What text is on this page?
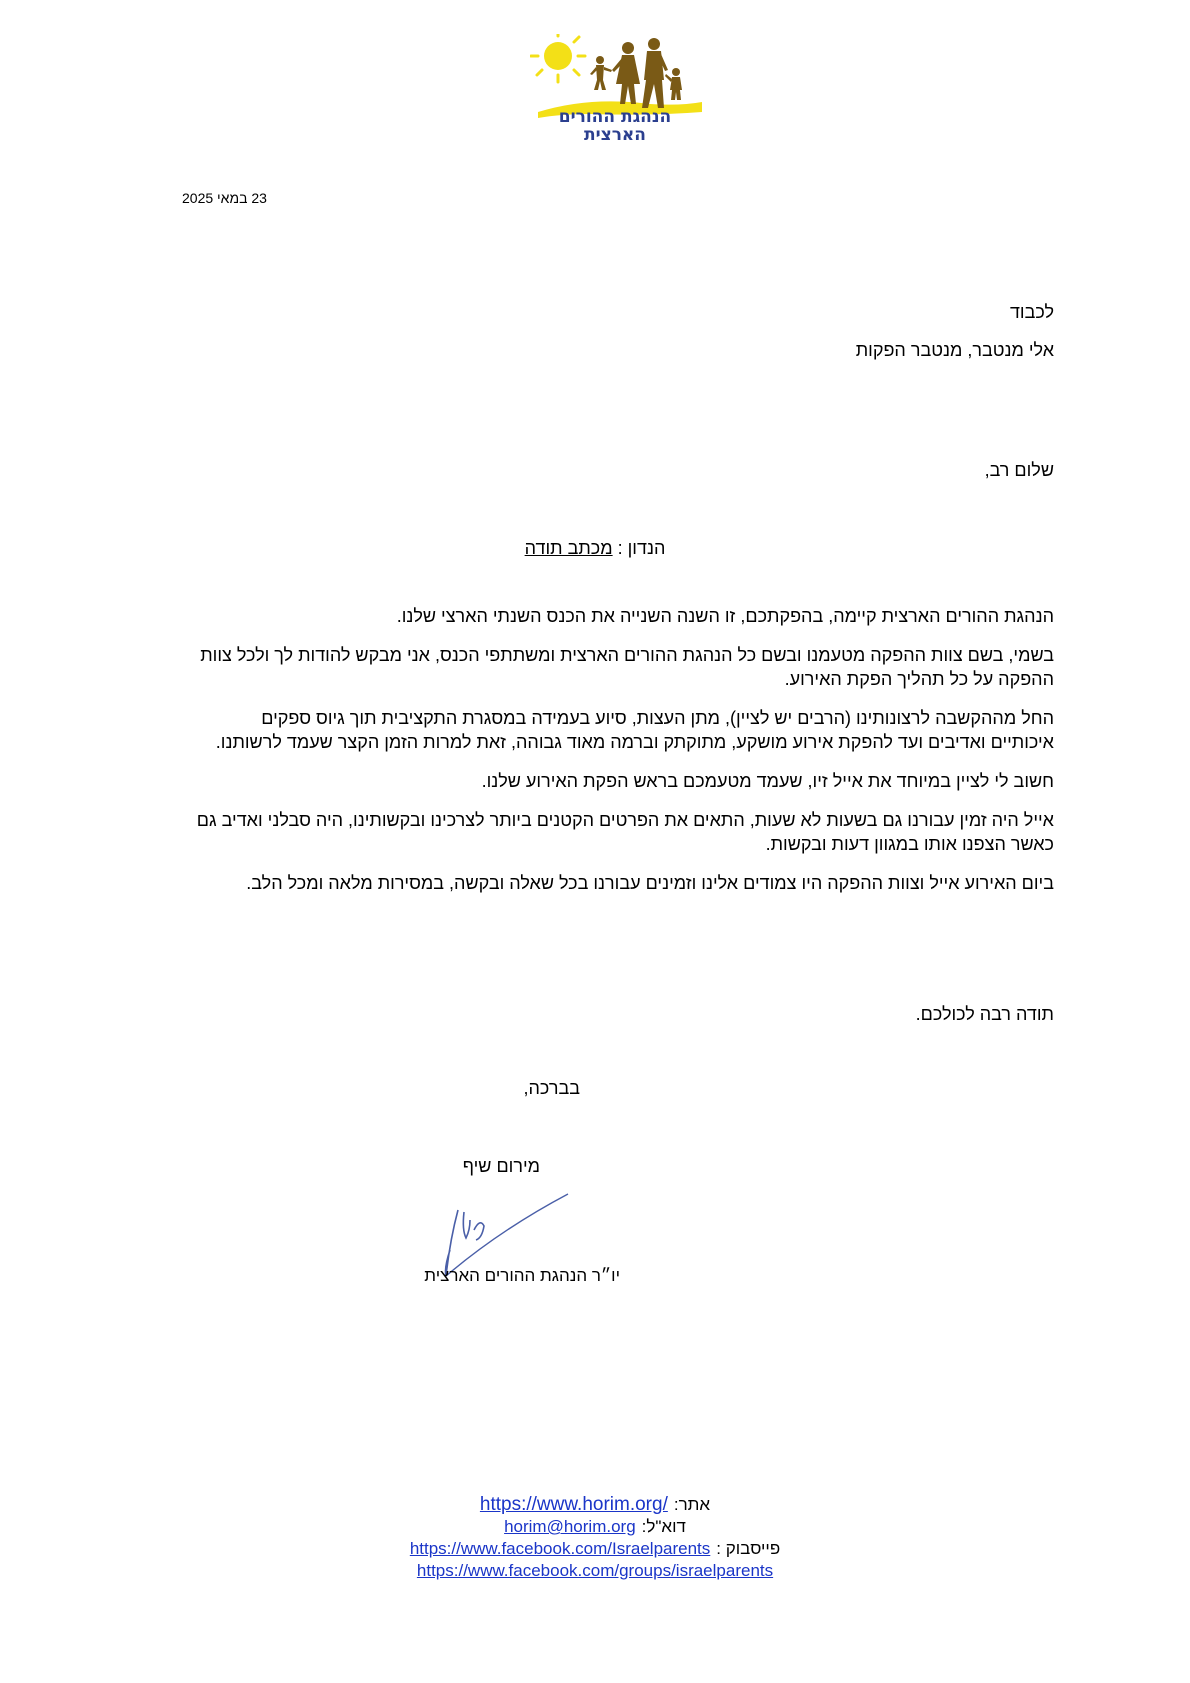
הנהגת ההורים
הארצית
23 במאי 2025
לכבוד
אלי מנטבר, מנטבר הפקות
שלום רב,
הנדון : מכתב תודה

הנהגת ההורים הארצית קיימה, בהפקתכם, זו השנה השנייה את הכנס השנתי הארצי שלנו.

בשמי, בשם צוות ההפקה מטעמנו ובשם כל הנהגת ההורים הארצית ומשתתפי הכנס, אני מבקש להודות לך ולכל צוות ההפקה על כל תהליך הפקת האירוע.

החל מההקשבה לרצונותינו (הרבים יש לציין), מתן העצות, סיוע בעמידה במסגרת התקציבית תוך גיוס ספקים איכותיים ואדיבים ועד להפקת אירוע מושקע, מתוקתק וברמה מאוד גבוהה, זאת למרות הזמן הקצר שעמד לרשותנו.

חשוב לי לציין במיוחד את אייל זיו, שעמד מטעמכם בראש הפקת האירוע שלנו.

אייל היה זמין עבורנו גם בשעות לא שעות, התאים את הפרטים הקטנים ביותר לצרכינו ובקשותינו, היה סבלני ואדיב גם כאשר הצפנו אותו במגוון דעות ובקשות.

ביום האירוע אייל וצוות ההפקה היו צמודים אלינו וזמינים עבורנו בכל שאלה ובקשה, במסירות מלאה ומכל הלב.

תודה רבה לכולכם.
בברכה,
מירום שיף
יו״ר הנהגת ההורים הארצית
אתר:
https://www.horim.org/
דוא"ל:
horim@horim.org
פייסבוק :
https://www.facebook.com/Israelparents
https://www.facebook.com/groups/israelparents
